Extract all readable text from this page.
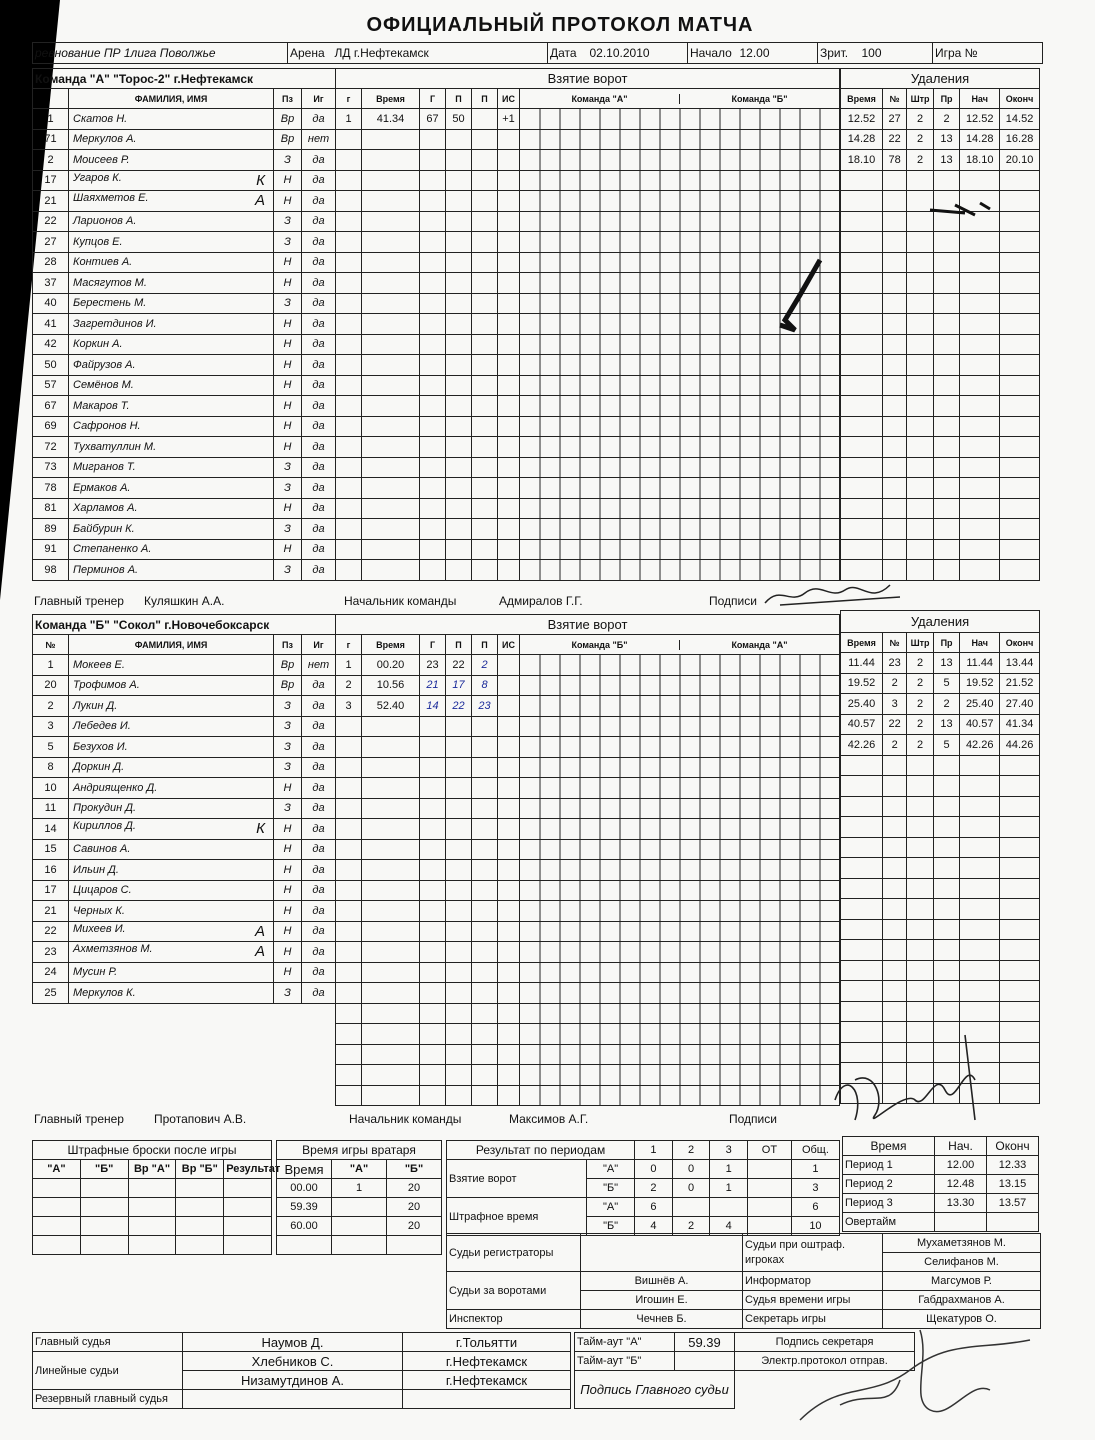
ОФИЦИАЛЬНЫЙ ПРОТОКОЛ МАТЧА
ревнование ПР 1лига Поволжье	Арена	ЛД г.Нефтекамск	Дата	02.10.2010	Начало	12.00	Зрит.	100	Игра №
Команда "А" "Торос-2" г.Нефтекамск			
	ФАМИЛИЯ, ИМЯ	Пз	Иг
1	Скатов Н.	Вр	да
71	Меркулов А.	Вр	нет
2	Моисеев Р.	З	да
17	Угаров К. К	Н	да
21	Шаяхметов Е. А	Н	да
22	Ларионов А.	З	да
27	Купцов Е.	З	да
28	Контиев А.	Н	да
37	Масягутов М.	Н	да
40	Берестень М.	З	да
41	Загретдинов И.	Н	да
42	Коркин А.	Н	да
50	Файрузов А.	Н	да
57	Семёнов М.	Н	да
67	Макаров Т.	Н	да
69	Сафронов Н.	Н	да
72	Тухватуллин М.	Н	да
73	Мигранов Т.	З	да
78	Ермаков А.	З	да
81	Харламов А.	Н	да
89	Байбурин К.	З	да
91	Степаненко А.	Н	да
98	Перминов А.	З	да
Взятие ворот						
г	Время	Г	П	П	ИС	Команда "А" Команда "Б"

1	41.34	67	50		+1	

Удаления					
Время	№	Штр	Пр	Нач	Оконч
12.52	27	2	2	12.52	14.52
14.28	22	2	13	14.28	16.28
18.10	78	2	13	18.10	20.10

Главный тренер	Куляшкин А.А.	Начальник команды	Адмиралов Г.Г.	Подписи	
Команда "Б" "Сокол" г.Новочебоксарск			
№	ФАМИЛИЯ, ИМЯ	Пз	Иг
1	Мокеев Е.	Вр	нет
20	Трофимов А.	Вр	да
2	Лукин Д.	З	да
3	Лебедев И.	З	да
5	Безухов И.	З	да
8	Доркин Д.	З	да
10	Андриященко Д.	Н	да
11	Прокудин Д.	З	да
14	Кириллов Д. К	Н	да
15	Савинов А.	Н	да
16	Ильин Д.	Н	да
17	Цицаров С.	Н	да
21	Черных К.	Н	да
22	Михеев И. А	Н	да
23	Ахметзянов М. А	Н	да
24	Мусин Р.	Н	да
25	Меркулов К.	З	да
Взятие ворот						
г	Время	Г	П	П	ИС	Команда "Б" Команда "А"

1	00.20	23	22	2		
2	10.56	21	17	8		
3	52.40	14	22	23		

Удаления					
Время	№	Штр	Пр	Нач	Оконч
11.44	23	2	13	11.44	13.44
19.52	2	2	5	19.52	21.52
25.40	3	2	2	25.40	27.40
40.57	22	2	13	40.57	41.34
42.26	2	2	5	42.26	44.26

Главный тренер	Протапович А.В.	Начальник команды	Максимов А.Г.	Подписи	
Штрафные броски после игры				
"А"	"Б"	Вр "А"	Вр "Б"	Результат

Время игры вратаря		
Время	"А"	"Б"
00.00	1	20
59.39		20
60.00		20

Результат по периодам		1	2	3	ОТ	Общ.
Взятие ворот	"А"	0	0	1		1
	"Б"	2	0	1		3
Штрафное время	"А"	6				6
	"Б"	4	2	4		10
Время	Нач.	Оконч
Период 1	12.00	12.33
Период 2	12.48	13.15
Период 3	13.30	13.57
Овертайм		
Судьи регистраторы		Судьи при оштраф. игроках	Мухаметзянов М.
			Селифанов М.
Судьи за воротами	Вишнёв А.	Информатор	Магсумов Р.
	Игошин Е.	Судья времени игры	Габдрахманов А.
Инспектор	Чечнев Б.	Секретарь игры	Щекатуров О.
Главный судья	Наумов Д.	г.Тольятти
Линейные судьи	Хлебников С.	г.Нефтекамск
	Низамутдинов А.	г.Нефтекамск
Резервный главный судья		
Тайм-аут "А"	59.39	Подпись секретаря
Тайм-аут "Б"		Электр.протокол отправ.
Подпись Главного судьи		
